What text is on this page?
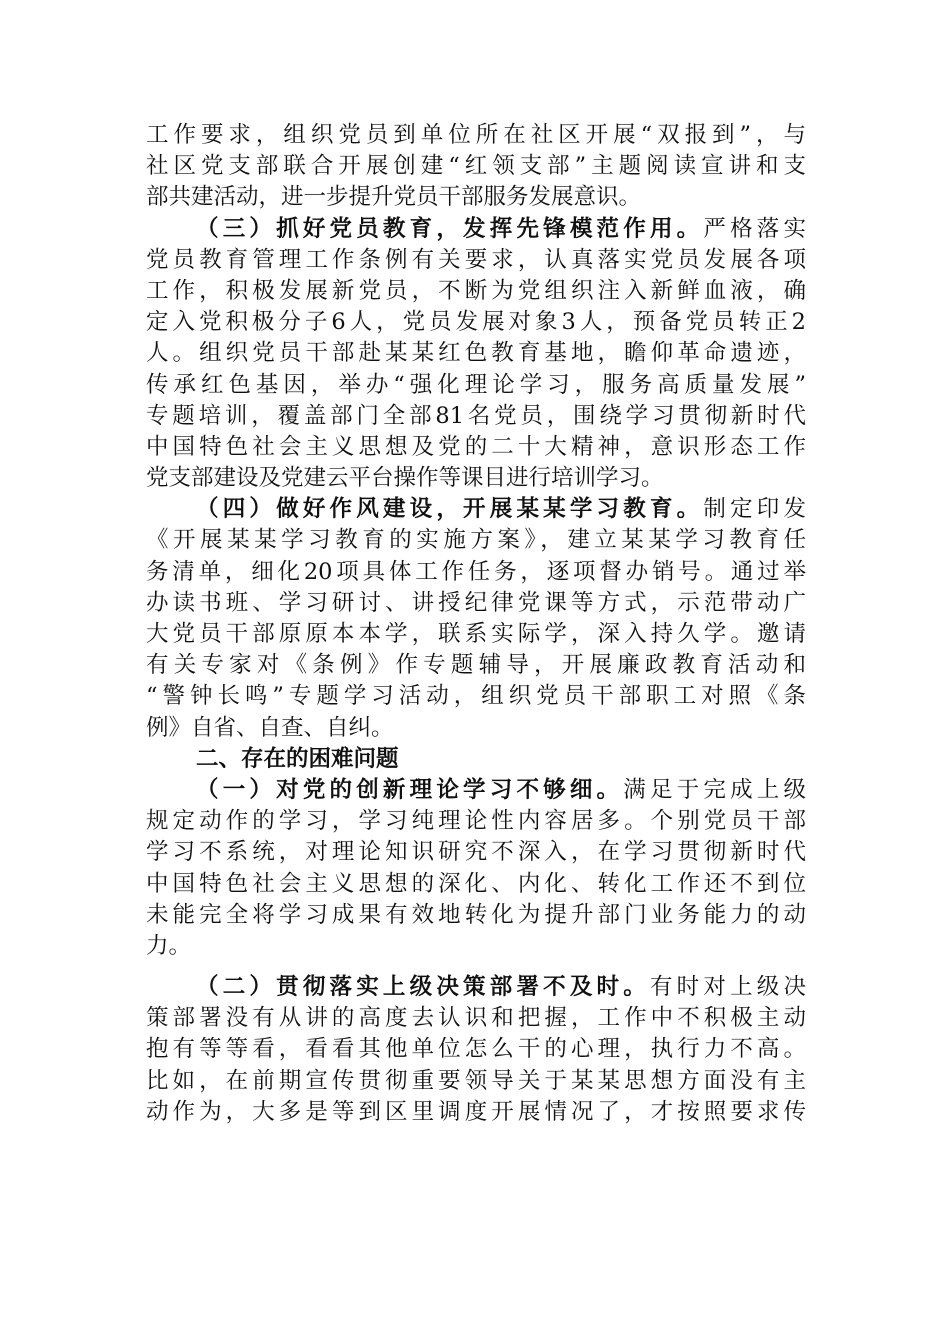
工作要求，组织党员到单位所在社区开展“双报到”，与
社区党支部联合开展创建“红领支部”主题阅读宣讲和支
部共建活动，进一步提升党员干部服务发展意识。
（三）抓好党员教育，发挥先锋模范作用。严格落实
党员教育管理工作条例有关要求，认真落实党员发展各项
工作，积极发展新党员，不断为党组织注入新鲜血液，确
定入党积极分子6人，党员发展对象3人，预备党员转正2
人。组织党员干部赴某某红色教育基地，瞻仰革命遗迹，
传承红色基因，举办“强化理论学习，服务高质量发展”
专题培训，覆盖部门全部81名党员，围绕学习贯彻新时代
中国特色社会主义思想及党的二十大精神，意识形态工作
党支部建设及党建云平台操作等课目进行培训学习。
（四）做好作风建设，开展某某学习教育。制定印发
《开展某某学习教育的实施方案》，建立某某学习教育任
务清单，细化20项具体工作任务，逐项督办销号。通过举
办读书班、学习研讨、讲授纪律党课等方式，示范带动广
大党员干部原原本本学，联系实际学，深入持久学。邀请
有关专家对《条例》作专题辅导，开展廉政教育活动和
“警钟长鸣”专题学习活动，组织党员干部职工对照《条
例》自省、自查、自纠。
二、存在的困难问题
（一）对党的创新理论学习不够细。满足于完成上级
规定动作的学习，学习纯理论性内容居多。个别党员干部
学习不系统，对理论知识研究不深入，在学习贯彻新时代
中国特色社会主义思想的深化、内化、转化工作还不到位
未能完全将学习成果有效地转化为提升部门业务能力的动
力。
（二）贯彻落实上级决策部署不及时。有时对上级决
策部署没有从讲的高度去认识和把握，工作中不积极主动
抱有等等看，看看其他单位怎么干的心理，执行力不高。
比如，在前期宣传贯彻重要领导关于某某思想方面没有主
动作为，大多是等到区里调度开展情况了，才按照要求传
